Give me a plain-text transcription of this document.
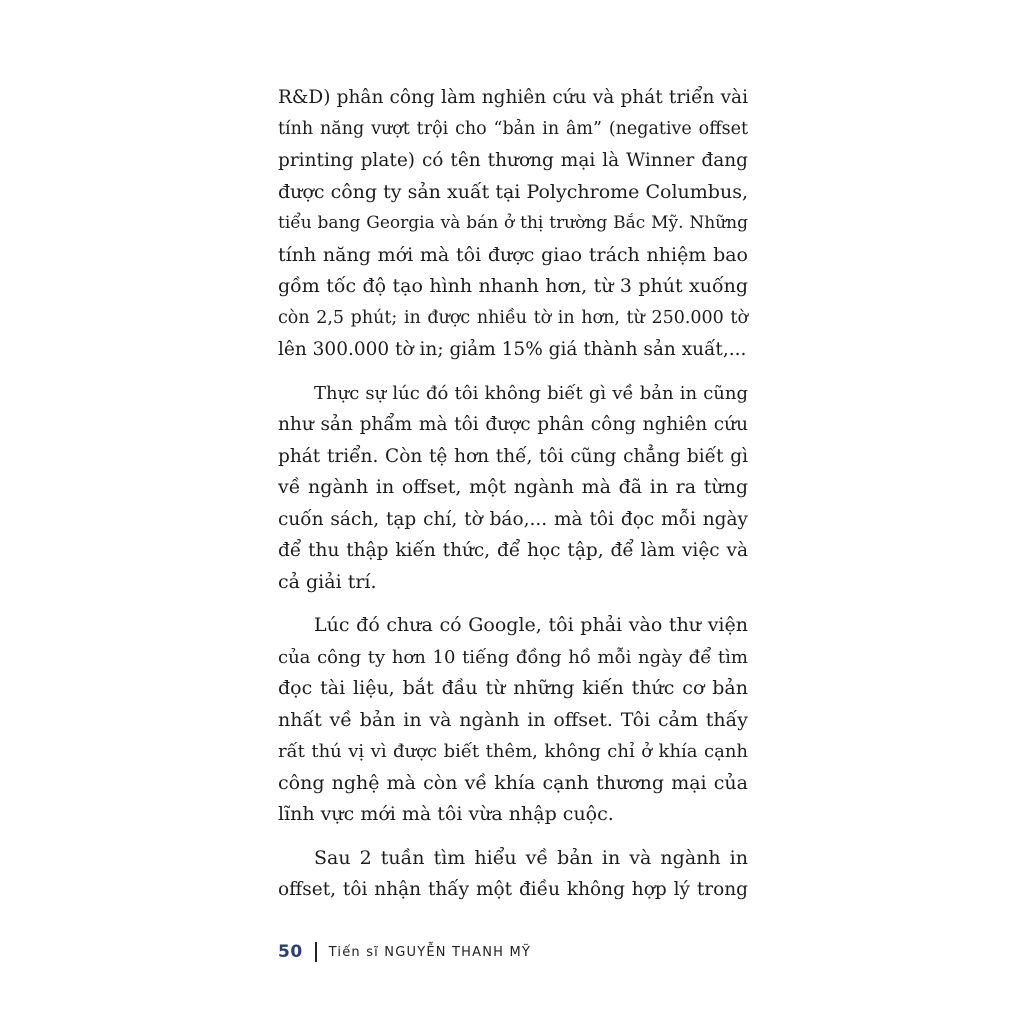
R&D) phân công làm nghiên cứu và phát triển vài
tính năng vượt trội cho “bản in âm” (negative offset
printing plate) có tên thương mại là Winner đang
được công ty sản xuất tại Polychrome Columbus,
tiểu bang Georgia và bán ở thị trường Bắc Mỹ. Những
tính năng mới mà tôi được giao trách nhiệm bao
gồm tốc độ tạo hình nhanh hơn, từ 3 phút xuống
còn 2,5 phút; in được nhiều tờ in hơn, từ 250.000 tờ
lên 300.000 tờ in; giảm 15% giá thành sản xuất,...
Thực sự lúc đó tôi không biết gì về bản in cũng
như sản phẩm mà tôi được phân công nghiên cứu
phát triển. Còn tệ hơn thế, tôi cũng chẳng biết gì
về ngành in offset, một ngành mà đã in ra từng
cuốn sách, tạp chí, tờ báo,... mà tôi đọc mỗi ngày
để thu thập kiến thức, để học tập, để làm việc và
cả giải trí.
Lúc đó chưa có Google, tôi phải vào thư viện
của công ty hơn 10 tiếng đồng hồ mỗi ngày để tìm
đọc tài liệu, bắt đầu từ những kiến thức cơ bản
nhất về bản in và ngành in offset. Tôi cảm thấy
rất thú vị vì được biết thêm, không chỉ ở khía cạnh
công nghệ mà còn về khía cạnh thương mại của
lĩnh vực mới mà tôi vừa nhập cuộc.
Sau 2 tuần tìm hiểu về bản in và ngành in
offset, tôi nhận thấy một điều không hợp lý trong
50 Tiến sĩ NGUYỄN THANH MỸ
